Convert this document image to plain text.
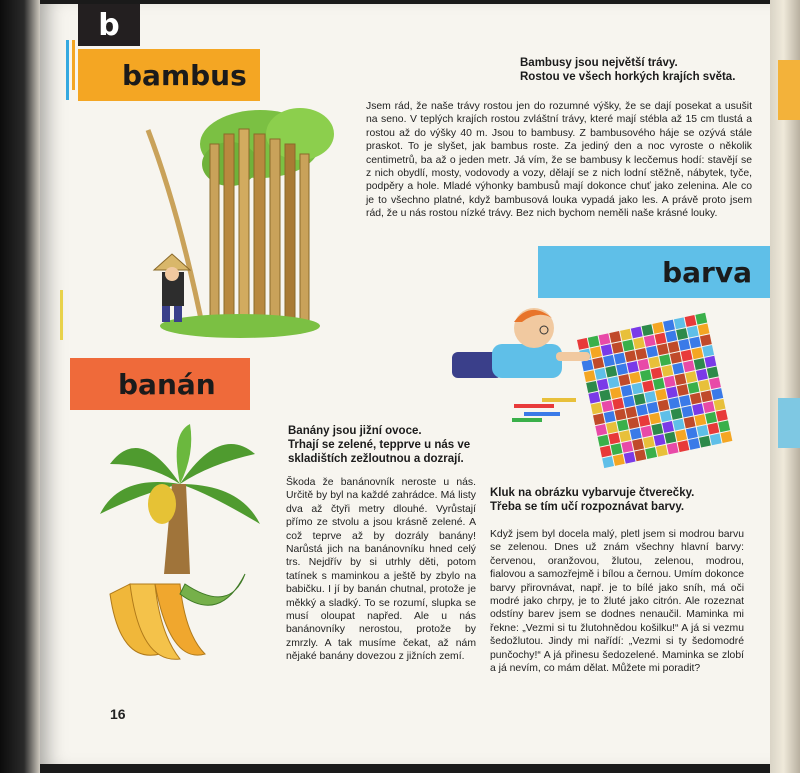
b
bambus	Bambusy jsou největší trávy.
Rostou ve všech horkých krajích světa.
Jsem rád, že naše trávy rostou jen do rozumné výšky, že se dají posekat a usušit na seno. V teplých krajích rostou zvláštní trávy, které mají stébla až 15 cm tlustá a rostou až do výšky 40 m. Jsou to bambusy. Z bambusového háje se ozývá stále praskot. To je slyšet, jak bambus roste. Za jediný den a noc vyroste o několik centimetrů, ba až o jeden metr. Já vím, že se bambusy k lecčemus hodí: stavějí se z nich obydlí, mosty, vodovody a vozy, dělají se z nich lodní stěžně, nábytek, tyče, podpěry a hole. Mladé výhonky bambusů mají dokonce chuť jako zelenina. Ale co je to všechno platné, když bambusová louka vypadá jako les. A právě proto jsem rád, že u nás rostou nízké trávy. Bez nich bychom neměli naše krásné louky.
banán
Banány jsou jižní ovoce.
Trhají se zelené, tepprve u nás ve skladištích zežloutnou a dozrají.
Škoda že banánovník neroste u nás. Určitě by byl na každé zahrádce. Má listy dva až čtyři metry dlouhé. Vyrůstají přímo ze stvolu a jsou krásně zelené. A což teprve až by dozrály banány! Narůstá jich na banánovníku hned celý trs. Nejdřív by si utrhly děti, potom tatínek s maminkou a ještě by zbylo na babičku. I jí by banán chutnal, protože je měkký a sladký. To se rozumí, slupka se musí oloupat napřed. Ale u nás banánovníky nerostou, protože by zmrzly. A tak musíme čekat, až nám nějaké banány dovezou z jižních zemí.
barva
Kluk na obrázku vybarvuje čtverečky.
Třeba se tím učí rozpoznávat barvy.
Když jsem byl docela malý, pletl jsem si modrou barvu se zelenou. Dnes už znám všechny hlavní barvy: červenou, oranžovou, žlutou, zelenou, modrou, fialovou a samozřejmě i bílou a černou. Umím dokonce barvy přirovnávat, např. je to bílé jako sníh, má oči modré jako chrpy, je to žluté jako citrón. Ale rozeznat odstíny barev jsem se dodnes nenaučil. Maminka mi řekne: „Vezmi si tu žlutohnědou košilku!“ A já si vezmu šedožlutou. Jindy mi nařídí: „Vezmi si ty šedomodré punčochy!“ A já přinesu šedozelené. Maminka se zlobí a já nevím, co mám dělat. Můžete mi poradit?
16
